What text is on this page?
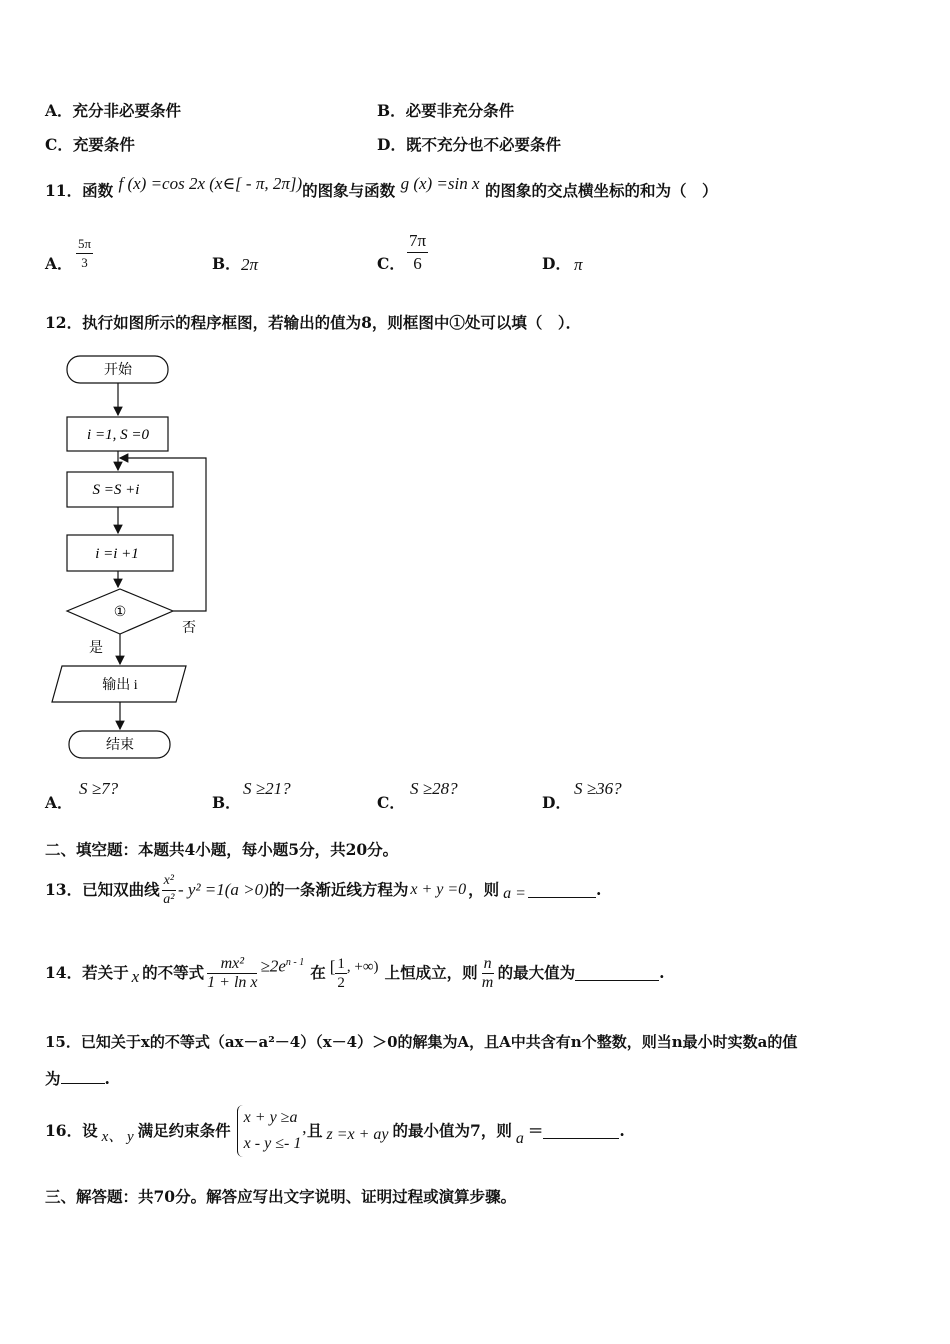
A．充分非必要条件	B．必要非充分条件
C．充要条件	D．既不充分也不必要条件
11．函数 f (x) =cos 2x (x∈[ - π, 2π])的图象与函数 g (x) =sin x 的图象的交点横坐标的和为（　）
A． $\frac{5\pi}{3}$	B． 2π	C． $\frac{7\pi}{6}$	D． π
12．执行如图所示的程序框图，若输出的值为8，则框图中①处可以填（　）．
开始
i =1, S =0
S =S +i
i =i +1
①
否
是
输出 i
结束
A．
S ≥7?
B．
S ≥21?
C．
S ≥28?
D．
S ≥36?
二、填空题：本题共4小题，每小题5分，共20分。
13．已知双曲线 $\frac{\text{x²}}{\text{a²}} - y^2 =1(a >0)$ 的一条渐近线方程为 x + y =0 ，则 a =	.
14．若关于 x 的不等式 $\frac{\text{mx²}}{\text{1 + ln x}} \ge 2e^{n - 1}$
在 [ $\frac{1}{2}$ , +∞) 上恒成立，则 $\frac{n}{m}$ 的最大值为	.
15．已知关于x的不等式（ax－a²－4）（x－4）＞0的解集为A，且A中共含有n个整数，则当n最小时实数a的值
为	.
16．设 x、 y 满足约束条件
x + y ≥a
x - y ≤- 1 ’ 且 z =x + ay 的最小值为7，则 a ＝	.
三、解答题：共70分。解答应写出文字说明、证明过程或演算步骤。
